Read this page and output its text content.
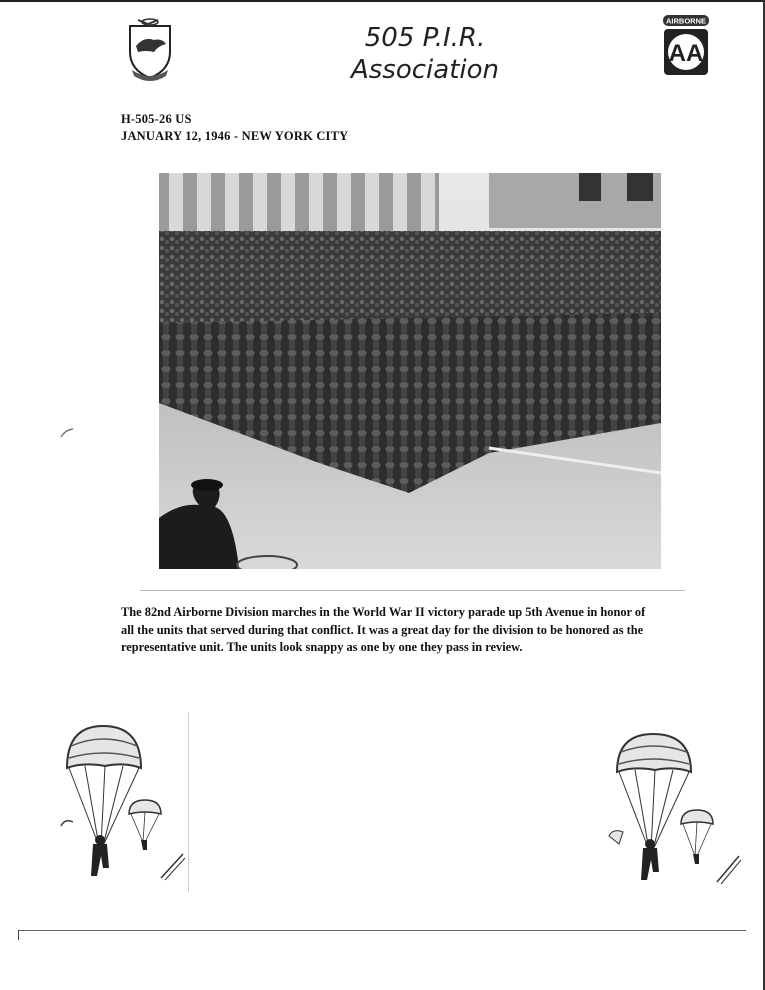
505 P.I.R.
Association
AIRBORNE
AA
H-505-26 US
JANUARY 12, 1946 - NEW YORK CITY
The 82nd Airborne Division marches in the World War II victory parade up 5th Avenue in honor of all the units that served during that conflict. It was a great day for the division to be honored as the representative unit. The units look snappy as one by one they pass in review.
